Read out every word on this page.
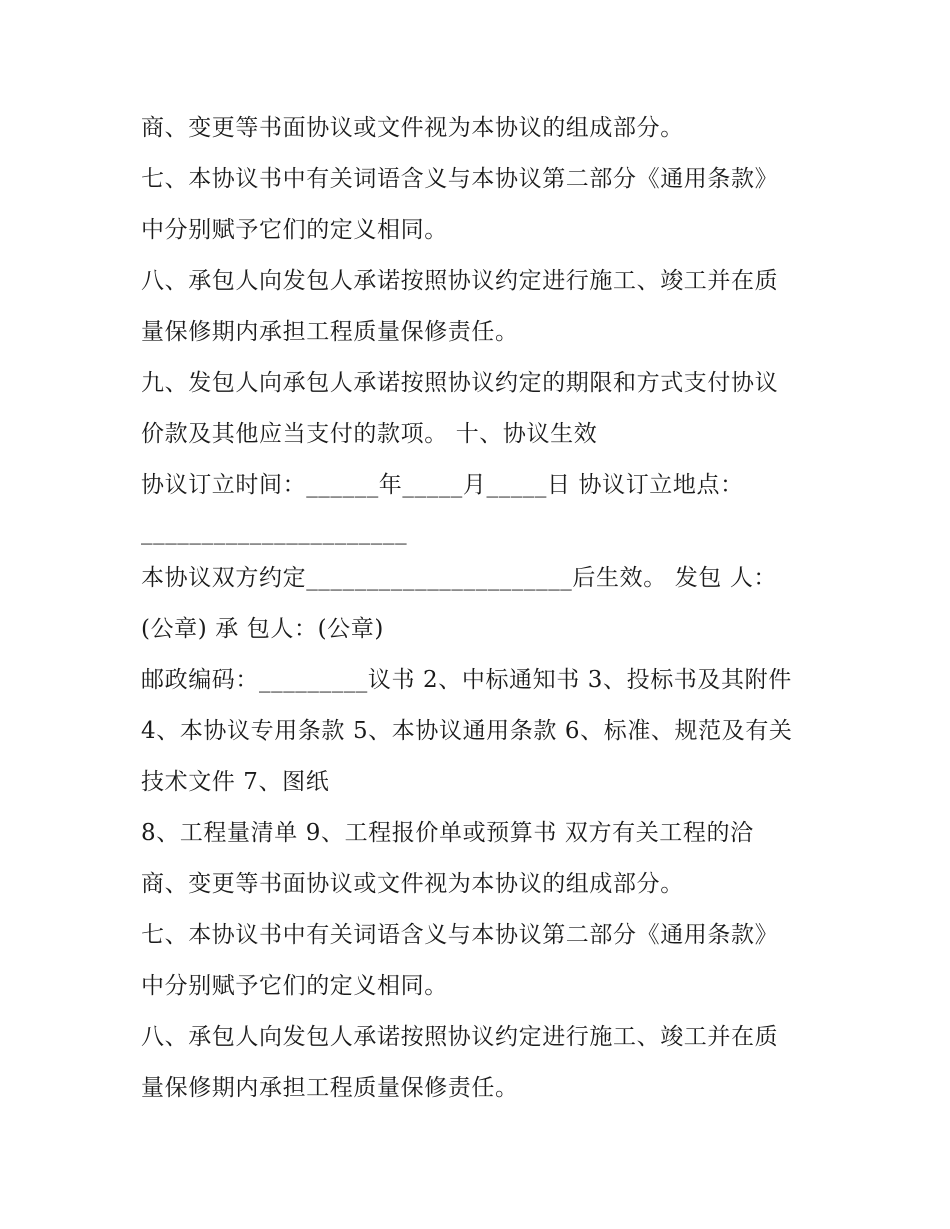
商、变更等书面协议或文件视为本协议的组成部分。

七、本协议书中有关词语含义与本协议第二部分《通用条款》

中分别赋予它们的定义相同。

八、承包人向发包人承诺按照协议约定进行施工、竣工并在质

量保修期内承担工程质量保修责任。

九、发包人向承包人承诺按照协议约定的期限和方式支付协议

价款及其他应当支付的款项。 十、协议生效

协议订立时间：______年_____月_____日 协议订立地点：

______________________

本协议双方约定______________________后生效。 发包 人：

(公章) 承 包人：(公章)

邮政编码：_________议书 2、中标通知书 3、投标书及其附件

4、本协议专用条款 5、本协议通用条款 6、标准、规范及有关

技术文件 7、图纸

8、工程量清单 9、工程报价单或预算书 双方有关工程的洽

商、变更等书面协议或文件视为本协议的组成部分。

七、本协议书中有关词语含义与本协议第二部分《通用条款》

中分别赋予它们的定义相同。

八、承包人向发包人承诺按照协议约定进行施工、竣工并在质

量保修期内承担工程质量保修责任。
